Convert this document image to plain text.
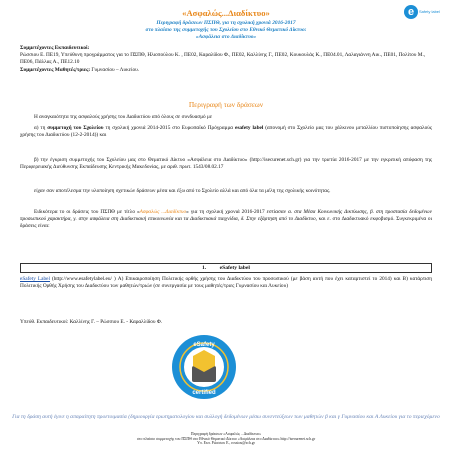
«Ασφαλώς...Διαδίκτυο»
Περιγραφή δράσεων ΠΣΠΘ, για τη σχολική χρονιά 2016-2017
στο πλαίσιο της συμμετοχής του Σχολείου στο Εθνικό Θεματικό Δίκτυο:
«Ασφάλεια στο Διαδίκτυο»
e	Safety label
Συμμετέχοντες Εκπαιδευτικοί:
Ρώσσιου Ε. ΠΕ19, Υπεύθυνη προγράμματος για το ΠΣΠΘ, Ηλιοπούλου Κ. , ΠΕ02, Καραλίδου Φ., ΠΕ02, Καλλίνης Γ., ΠΕ02, Κουκουλάς Κ., ΠΕ04.01, Λαλαγιάννη Αικ., ΠΕ01, Πολίτου Μ., ΠΕ06, Πάλλας Α., ΠΕ12.10
Συμμετέχοντες Μαθητές/τριες: Γυμνασίου – Λυκείου.
Περιγραφή των δράσεων
Η αναγκαιότητα της ασφαλούς χρήσης του Διαδικτύου από όλους σε συνδυασμό με
α) τη συμμετοχή του Σχολείου τη σχολική χρονιά 2014-2015 στο Ευρωπαϊκό Πρόγραμμα esafety label (απονομή στο Σχολείο μας του χάλκινου μεταλλίου πιστοποίησης ασφαλούς χρήσης του Διαδικτύου (12-2-2014)) και
β) την έγκριση συμμετοχής του Σχολείου μας στο Θεματικό Δίκτυο «Ασφάλεια στο Διαδίκτυο» (http://isecurenet.sch.gr) για την τριετία 2016-2017 με την εγκριτική απόφαση της Περιφερειακής Διεύθυνσης Εκπαίδευσης Κεντρικής Μακεδονίας, με αριθ. πρωτ. 1543/08.02.17
είχαν σαν αποτέλεσμα την υλοποίηση σχετικών δράσεων μέσα και έξω από το Σχολείο αλλά και από όλα τα μέλη της σχολικής κοινότητας.
Ειδικότερα το οι δράσεις του ΠΣΠΘ με τίτλο «Ασφαλώς ...Διαδίκτυο» για τη σχολική χρονιά 2016-2017 εστίασαν α. στα Μέσα Κοινωνικής Δικτύωσης, β. στη προστασία δεδομένων προσωπικού χαρακτήρα, γ. στην ασφάλεια στη Διαδικτυακή επικοινωνία και τα Διαδικτυακά παιχνίδια, δ. Στην εξάρτηση από το Διαδίκτυο, και ε. στο Διαδικτυακό εκφοβισμό. Συγκεκριμένα οι δράσεις είναι:
1. eSafety label
eSafety Label (http://www.esafetylabel.eu/ ) Α) Επικαιροποίηση Πολιτικής ορθής χρήσης του Διαδικτύου του προσωπικού (με βάση αυτή που έχει καταρτιστεί το 2014) και Β) κατάρτιση Πολιτικής Ορθής Χρήσης του Διαδικτύου των μαθητών/τριών (σε συνεργασία με τους μαθητές/τριες Γυμνασίου και Λυκείου)
Υπεύθ. Εκπαιδευτικοί: Καλλίνης Γ. – Ρώσσιου Ε. - Καραλλίδου Φ.
eSafety
certified
Για τη δράση αυτή έγινε η απαραίτητη προετοιμασία (δημιουργία ερωτηματολογίου και συλλογή δεδομένων μέσω συνεντεύξεων των μαθητών β και γ Γυμνασίου και Α Λυκείου για το περιεχόμενο
Περιγραφή δράσεων «Ασφαλώς ...Διαδίκτυο»
στο πλαίσιο συμμετοχής του ΠΣΠΘ στο Εθνικό Θεματικό Δίκτυο «Ασφάλεια στο Διαδίκτυο» http://isecurenet.sch.gr
Υπ. Εκπ. Ρώσσιου Ε., rossiou@sch.gr
